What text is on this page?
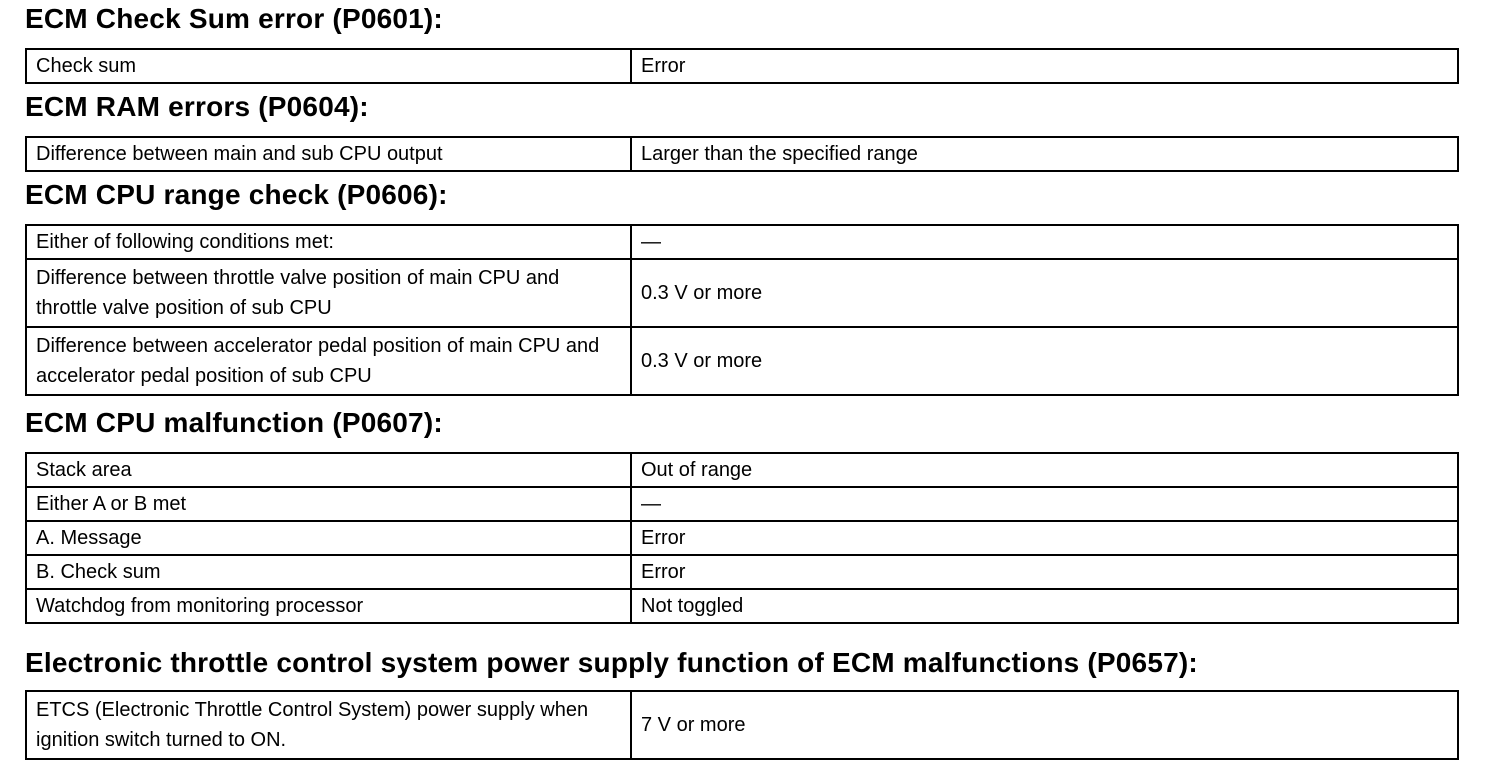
ECM Check Sum error (P0601):
Check sum	Error
ECM RAM errors (P0604):
Difference between main and sub CPU output	Larger than the specified range
ECM CPU range check (P0606):
Either of following conditions met:	—
Difference between throttle valve position of main CPU and throttle valve position of sub CPU	0.3 V or more
Difference between accelerator pedal position of main CPU and accelerator pedal position of sub CPU	0.3 V or more
ECM CPU malfunction (P0607):
Stack area	Out of range
Either A or B met	—
A. Message	Error
B. Check sum	Error
Watchdog from monitoring processor	Not toggled
Electronic throttle control system power supply function of ECM malfunctions (P0657):
ETCS (Electronic Throttle Control System) power supply when ignition switch turned to ON.	7 V or more
